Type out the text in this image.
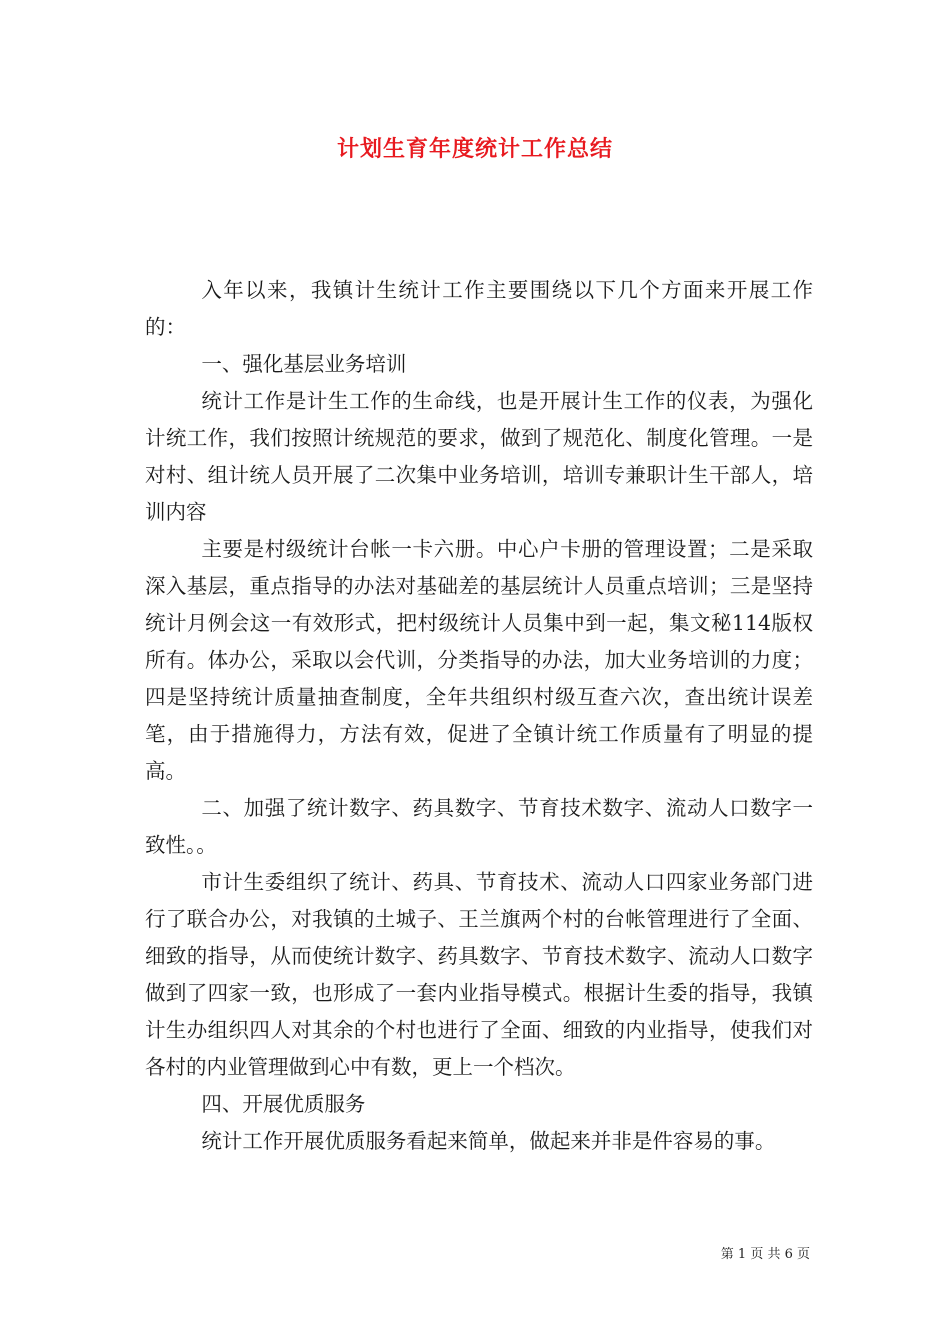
计划生育年度统计工作总结

入年以来，我镇计生统计工作主要围绕以下几个方面来开展工作的：

一、强化基层业务培训

统计工作是计生工作的生命线，也是开展计生工作的仪表，为强化计统工作，我们按照计统规范的要求，做到了规范化、制度化管理。一是对村、组计统人员开展了二次集中业务培训，培训专兼职计生干部人，培训内容

主要是村级统计台帐一卡六册。中心户卡册的管理设置；二是采取深入基层，重点指导的办法对基础差的基层统计人员重点培训；三是坚持统计月例会这一有效形式，把村级统计人员集中到一起，集文秘114版权所有。体办公，采取以会代训，分类指导的办法，加大业务培训的力度；四是坚持统计质量抽查制度，全年共组织村级互查六次，查出统计误差笔，由于措施得力，方法有效，促进了全镇计统工作质量有了明显的提高。

二、加强了统计数字、药具数字、节育技术数字、流动人口数字一致性。。

市计生委组织了统计、药具、节育技术、流动人口四家业务部门进行了联合办公，对我镇的土城子、王兰旗两个村的台帐管理进行了全面、细致的指导，从而使统计数字、药具数字、节育技术数字、流动人口数字做到了四家一致，也形成了一套内业指导模式。根据计生委的指导，我镇计生办组织四人对其余的个村也进行了全面、细致的内业指导，使我们对各村的内业管理做到心中有数，更上一个档次。

四、开展优质服务

统计工作开展优质服务看起来简单，做起来并非是件容易的事。

第 1 页 共 6 页
